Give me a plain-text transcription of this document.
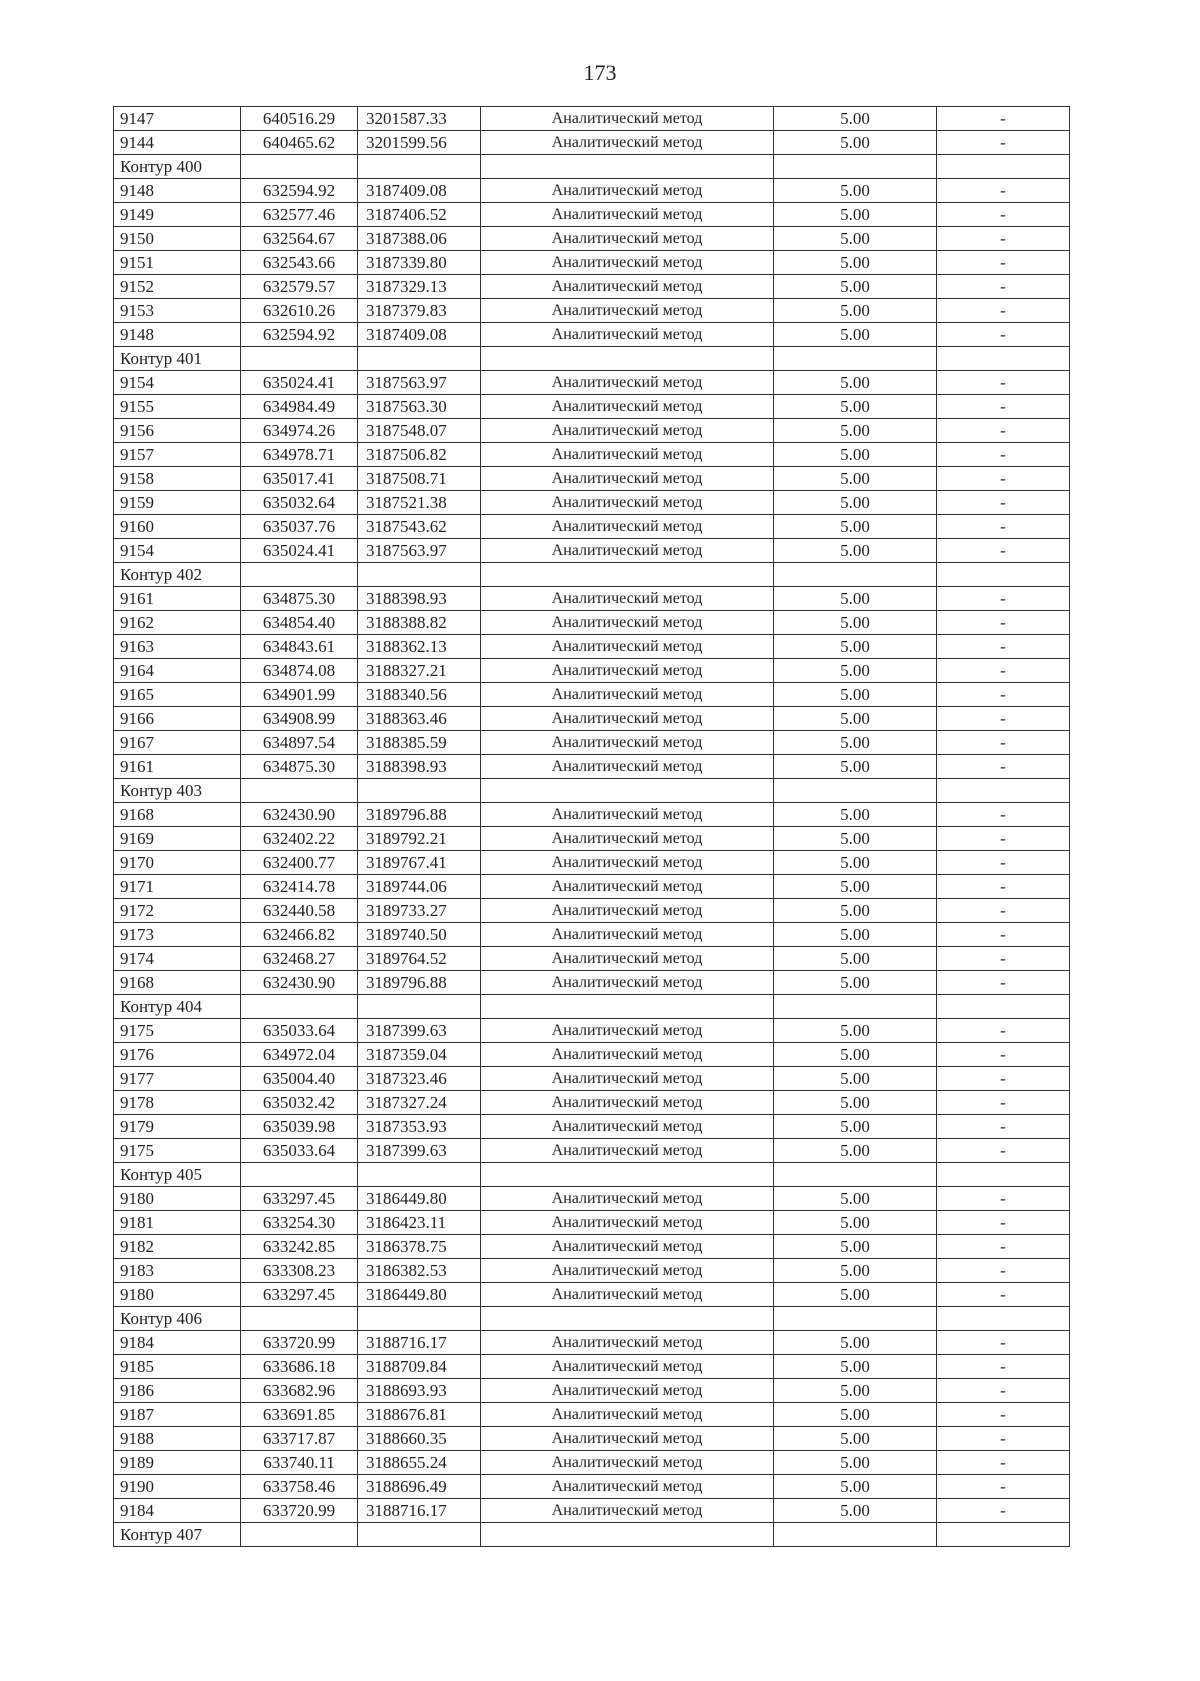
173
9147	640516.29	3201587.33	Аналитический метод	5.00	-
9144	640465.62	3201599.56	Аналитический метод	5.00	-
Контур 400					
9148	632594.92	3187409.08	Аналитический метод	5.00	-
9149	632577.46	3187406.52	Аналитический метод	5.00	-
9150	632564.67	3187388.06	Аналитический метод	5.00	-
9151	632543.66	3187339.80	Аналитический метод	5.00	-
9152	632579.57	3187329.13	Аналитический метод	5.00	-
9153	632610.26	3187379.83	Аналитический метод	5.00	-
9148	632594.92	3187409.08	Аналитический метод	5.00	-
Контур 401					
9154	635024.41	3187563.97	Аналитический метод	5.00	-
9155	634984.49	3187563.30	Аналитический метод	5.00	-
9156	634974.26	3187548.07	Аналитический метод	5.00	-
9157	634978.71	3187506.82	Аналитический метод	5.00	-
9158	635017.41	3187508.71	Аналитический метод	5.00	-
9159	635032.64	3187521.38	Аналитический метод	5.00	-
9160	635037.76	3187543.62	Аналитический метод	5.00	-
9154	635024.41	3187563.97	Аналитический метод	5.00	-
Контур 402					
9161	634875.30	3188398.93	Аналитический метод	5.00	-
9162	634854.40	3188388.82	Аналитический метод	5.00	-
9163	634843.61	3188362.13	Аналитический метод	5.00	-
9164	634874.08	3188327.21	Аналитический метод	5.00	-
9165	634901.99	3188340.56	Аналитический метод	5.00	-
9166	634908.99	3188363.46	Аналитический метод	5.00	-
9167	634897.54	3188385.59	Аналитический метод	5.00	-
9161	634875.30	3188398.93	Аналитический метод	5.00	-
Контур 403					
9168	632430.90	3189796.88	Аналитический метод	5.00	-
9169	632402.22	3189792.21	Аналитический метод	5.00	-
9170	632400.77	3189767.41	Аналитический метод	5.00	-
9171	632414.78	3189744.06	Аналитический метод	5.00	-
9172	632440.58	3189733.27	Аналитический метод	5.00	-
9173	632466.82	3189740.50	Аналитический метод	5.00	-
9174	632468.27	3189764.52	Аналитический метод	5.00	-
9168	632430.90	3189796.88	Аналитический метод	5.00	-
Контур 404					
9175	635033.64	3187399.63	Аналитический метод	5.00	-
9176	634972.04	3187359.04	Аналитический метод	5.00	-
9177	635004.40	3187323.46	Аналитический метод	5.00	-
9178	635032.42	3187327.24	Аналитический метод	5.00	-
9179	635039.98	3187353.93	Аналитический метод	5.00	-
9175	635033.64	3187399.63	Аналитический метод	5.00	-
Контур 405					
9180	633297.45	3186449.80	Аналитический метод	5.00	-
9181	633254.30	3186423.11	Аналитический метод	5.00	-
9182	633242.85	3186378.75	Аналитический метод	5.00	-
9183	633308.23	3186382.53	Аналитический метод	5.00	-
9180	633297.45	3186449.80	Аналитический метод	5.00	-
Контур 406					
9184	633720.99	3188716.17	Аналитический метод	5.00	-
9185	633686.18	3188709.84	Аналитический метод	5.00	-
9186	633682.96	3188693.93	Аналитический метод	5.00	-
9187	633691.85	3188676.81	Аналитический метод	5.00	-
9188	633717.87	3188660.35	Аналитический метод	5.00	-
9189	633740.11	3188655.24	Аналитический метод	5.00	-
9190	633758.46	3188696.49	Аналитический метод	5.00	-
9184	633720.99	3188716.17	Аналитический метод	5.00	-
Контур 407					
